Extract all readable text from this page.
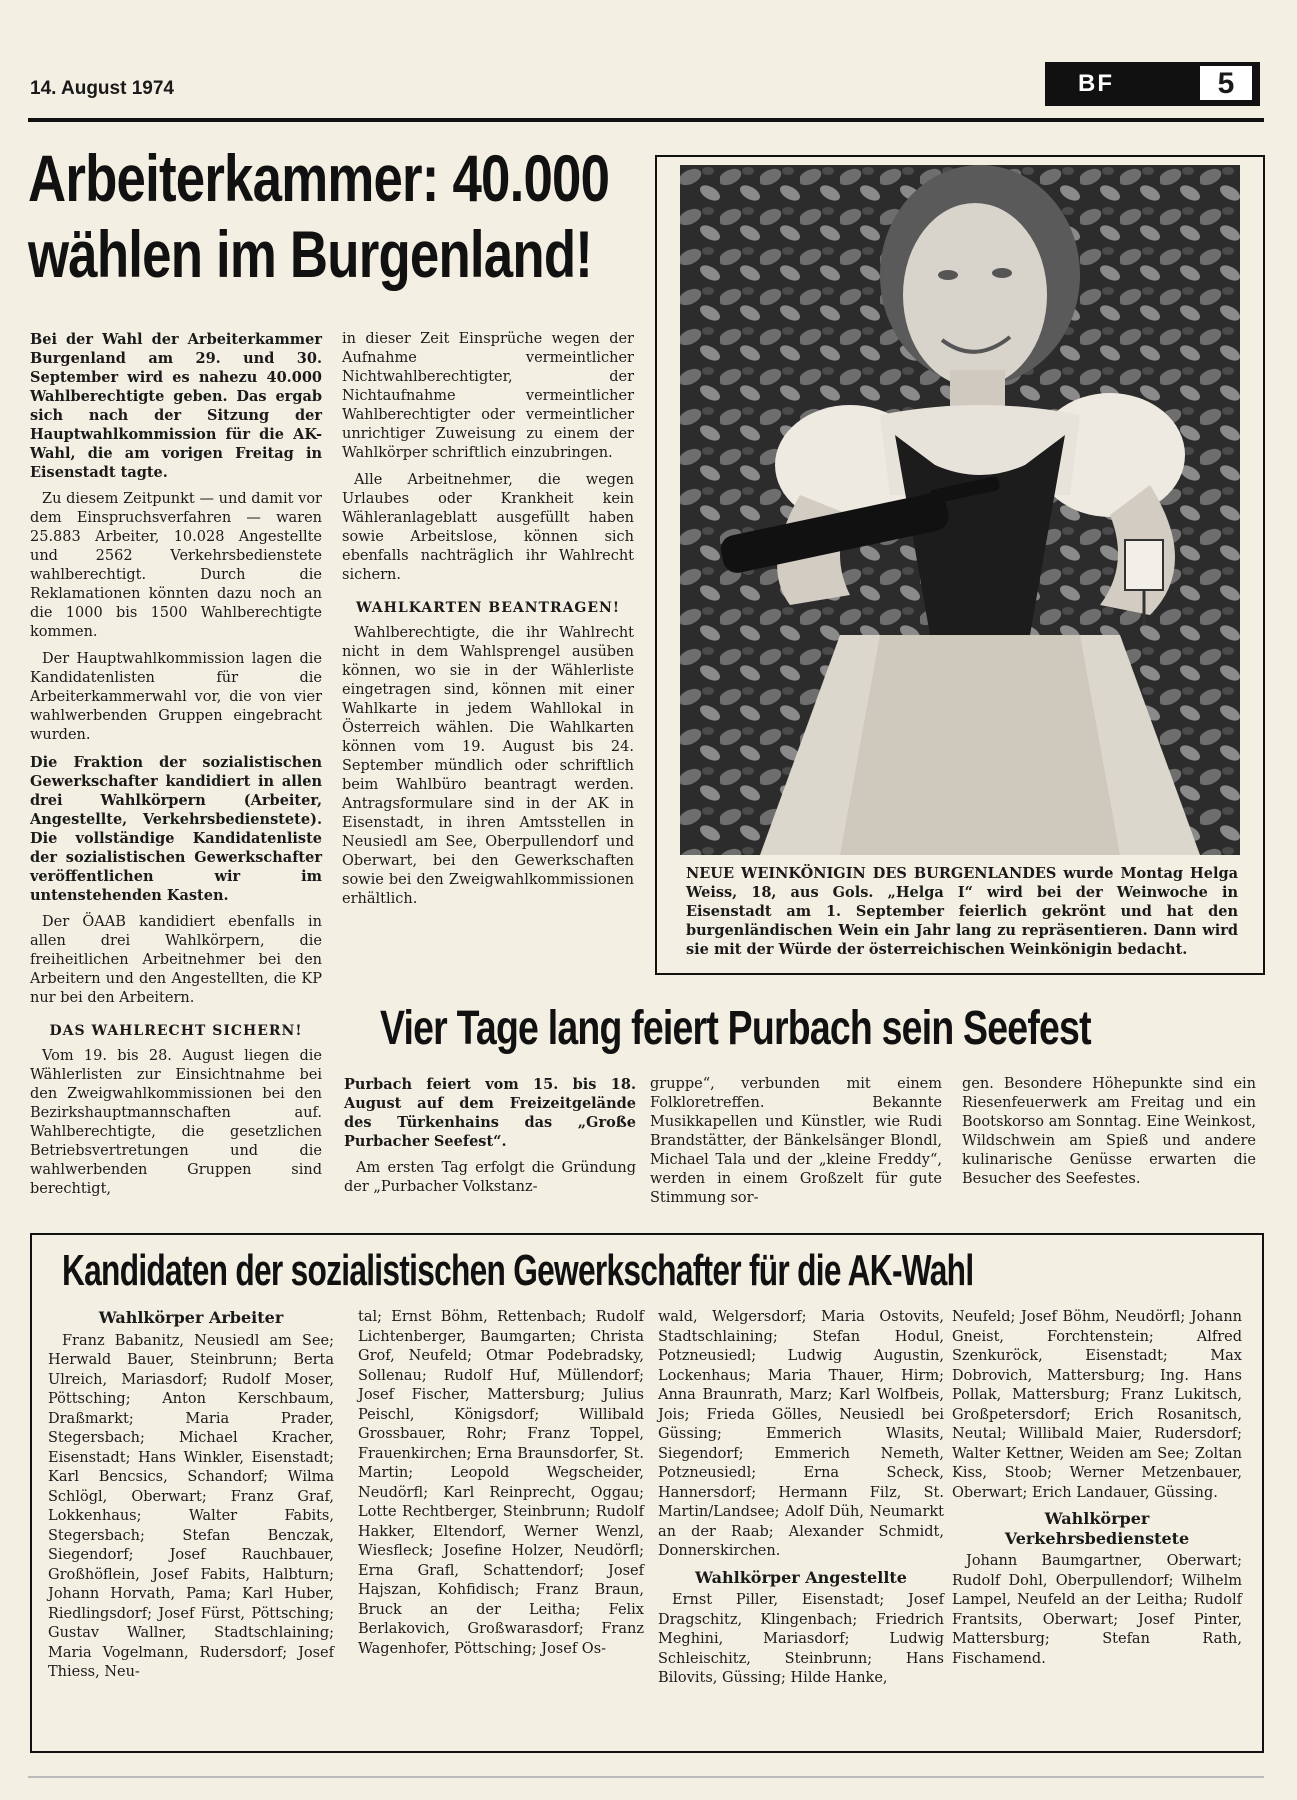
14. August 1974	BF	5
Arbeiterkammer: 40.000
wählen im Burgenland!

Bei der Wahl der Arbeiterkammer Burgenland am 29. und 30. September wird es nahezu 40.000 Wahlberechtigte geben. Das ergab sich nach der Sitzung der Hauptwahlkommission für die AK-Wahl, die am vorigen Freitag in Eisenstadt tagte.

Zu diesem Zeitpunkt — und damit vor dem Einspruchsverfahren — waren 25.883 Arbeiter, 10.028 Angestellte und 2562 Verkehrsbedienstete wahlberechtigt. Durch die Reklamationen könnten dazu noch an die 1000 bis 1500 Wahlberechtigte kommen.

Der Hauptwahlkommission lagen die Kandidatenlisten für die Arbeiterkammerwahl vor, die von vier wahlwerbenden Gruppen eingebracht wurden.

Die Fraktion der sozialistischen Gewerkschafter kandidiert in allen drei Wahlkörpern (Arbeiter, Angestellte, Verkehrsbedienstete). Die vollständige Kandidatenliste der sozialistischen Gewerkschafter veröffentlichen wir im untenstehenden Kasten.

Der ÖAAB kandidiert ebenfalls in allen drei Wahlkörpern, die freiheitlichen Arbeitnehmer bei den Arbeitern und den Angestellten, die KP nur bei den Arbeitern.

DAS WAHLRECHT SICHERN!

Vom 19. bis 28. August liegen die Wählerlisten zur Einsichtnahme bei den Zweigwahlkommissionen bei den Bezirkshauptmannschaften auf. Wahlberechtigte, die gesetzlichen Betriebsvertretungen und die wahlwerbenden Gruppen sind berechtigt,

in dieser Zeit Einsprüche wegen der Aufnahme vermeintlicher Nichtwahlberechtigter, der Nichtaufnahme vermeintlicher Wahlberechtigter oder vermeintlicher unrichtiger Zuweisung zu einem der Wahlkörper schriftlich einzubringen.

Alle Arbeitnehmer, die wegen Urlaubes oder Krankheit kein Wähleranlageblatt ausgefüllt haben sowie Arbeitslose, können sich ebenfalls nachträglich ihr Wahlrecht sichern.

WAHLKARTEN BEANTRAGEN!

Wahlberechtigte, die ihr Wahlrecht nicht in dem Wahlsprengel ausüben können, wo sie in der Wählerliste eingetragen sind, können mit einer Wahlkarte in jedem Wahllokal in Österreich wählen. Die Wahlkarten können vom 19. August bis 24. September mündlich oder schriftlich beim Wahlbüro beantragt werden. Antragsformulare sind in der AK in Eisenstadt, in ihren Amtsstellen in Neusiedl am See, Oberpullendorf und Oberwart, bei den Gewerkschaften sowie bei den Zweigwahlkommissionen erhältlich.

NEUE WEINKÖNIGIN DES BURGENLANDES wurde Montag Helga Weiss, 18, aus Gols. „Helga I“ wird bei der Weinwoche in Eisenstadt am 1. September feierlich gekrönt und hat den burgenländischen Wein ein Jahr lang zu repräsentieren. Dann wird sie mit der Würde der österreichischen Weinkönigin bedacht.
Vier Tage lang feiert Purbach sein Seefest

Purbach feiert vom 15. bis 18. August auf dem Freizeitgelände des Türkenhains das „Große Purbacher Seefest“.

Am ersten Tag erfolgt die Gründung der „Purbacher Volkstanz-

gruppe“, verbunden mit einem Folkloretreffen. Bekannte Musikkapellen und Künstler, wie Rudi Brandstätter, der Bänkelsänger Blondl, Michael Tala und der „kleine Freddy“, werden in einem Großzelt für gute Stimmung sor-

gen. Besondere Höhepunkte sind ein Riesenfeuerwerk am Freitag und ein Bootskorso am Sonntag. Eine Weinkost, Wildschwein am Spieß und andere kulinarische Genüsse erwarten die Besucher des Seefestes.

Kandidaten der sozialistischen Gewerkschafter für die AK-Wahl
Wahlkörper Arbeiter

Franz Babanitz, Neusiedl am See; Herwald Bauer, Steinbrunn; Berta Ulreich, Mariasdorf; Rudolf Moser, Pöttsching; Anton Kerschbaum, Draßmarkt; Maria Prader, Stegersbach; Michael Kracher, Eisenstadt; Hans Winkler, Eisenstadt; Karl Bencsics, Schandorf; Wilma Schlögl, Oberwart; Franz Graf, Lokkenhaus; Walter Fabits, Stegersbach; Stefan Benczak, Siegendorf; Josef Rauchbauer, Großhöflein, Josef Fabits, Halbturn; Johann Horvath, Pama; Karl Huber, Riedlingsdorf; Josef Fürst, Pöttsching; Gustav Wallner, Stadtschlaining; Maria Vogelmann, Rudersdorf; Josef Thiess, Neu-

tal; Ernst Böhm, Rettenbach; Rudolf Lichtenberger, Baumgarten; Christa Grof, Neufeld; Otmar Podebradsky, Sollenau; Rudolf Huf, Müllendorf; Josef Fischer, Mattersburg; Julius Peischl, Königsdorf; Willibald Grossbauer, Rohr; Franz Toppel, Frauenkirchen; Erna Braunsdorfer, St. Martin; Leopold Wegscheider, Neudörfl; Karl Reinprecht, Oggau; Lotte Rechtberger, Steinbrunn; Rudolf Hakker, Eltendorf, Werner Wenzl, Wiesfleck; Josefine Holzer, Neudörfl; Erna Grafl, Schattendorf; Josef Hajszan, Kohfidisch; Franz Braun, Bruck an der Leitha; Felix Berlakovich, Großwarasdorf; Franz Wagenhofer, Pöttsching; Josef Os-

wald, Welgersdorf; Maria Ostovits, Stadtschlaining; Stefan Hodul, Potzneusiedl; Ludwig Augustin, Lockenhaus; Maria Thauer, Hirm; Anna Braunrath, Marz; Karl Wolfbeis, Jois; Frieda Gölles, Neusiedl bei Güssing; Emmerich Wlasits, Siegendorf; Emmerich Nemeth, Potzneusiedl; Erna Scheck, Hannersdorf; Hermann Filz, St. Martin/Landsee; Adolf Düh, Neumarkt an der Raab; Alexander Schmidt, Donnerskirchen.

Wahlkörper Angestellte

Ernst Piller, Eisenstadt; Josef Dragschitz, Klingenbach; Friedrich Meghini, Mariasdorf; Ludwig Schleischitz, Steinbrunn; Hans Bilovits, Güssing; Hilde Hanke,

Neufeld; Josef Böhm, Neudörfl; Johann Gneist, Forchtenstein; Alfred Szenkuröck, Eisenstadt; Max Dobrovich, Mattersburg; Ing. Hans Pollak, Mattersburg; Franz Lukitsch, Großpetersdorf; Erich Rosanitsch, Neutal; Willibald Maier, Rudersdorf; Walter Kettner, Weiden am See; Zoltan Kiss, Stoob; Werner Metzenbauer, Oberwart; Erich Landauer, Güssing.

Wahlkörper Verkehrsbedienstete

Johann Baumgartner, Oberwart; Rudolf Dohl, Oberpullendorf; Wilhelm Lampel, Neufeld an der Leitha; Rudolf Frantsits, Oberwart; Josef Pinter, Mattersburg; Stefan Rath, Fischamend.
